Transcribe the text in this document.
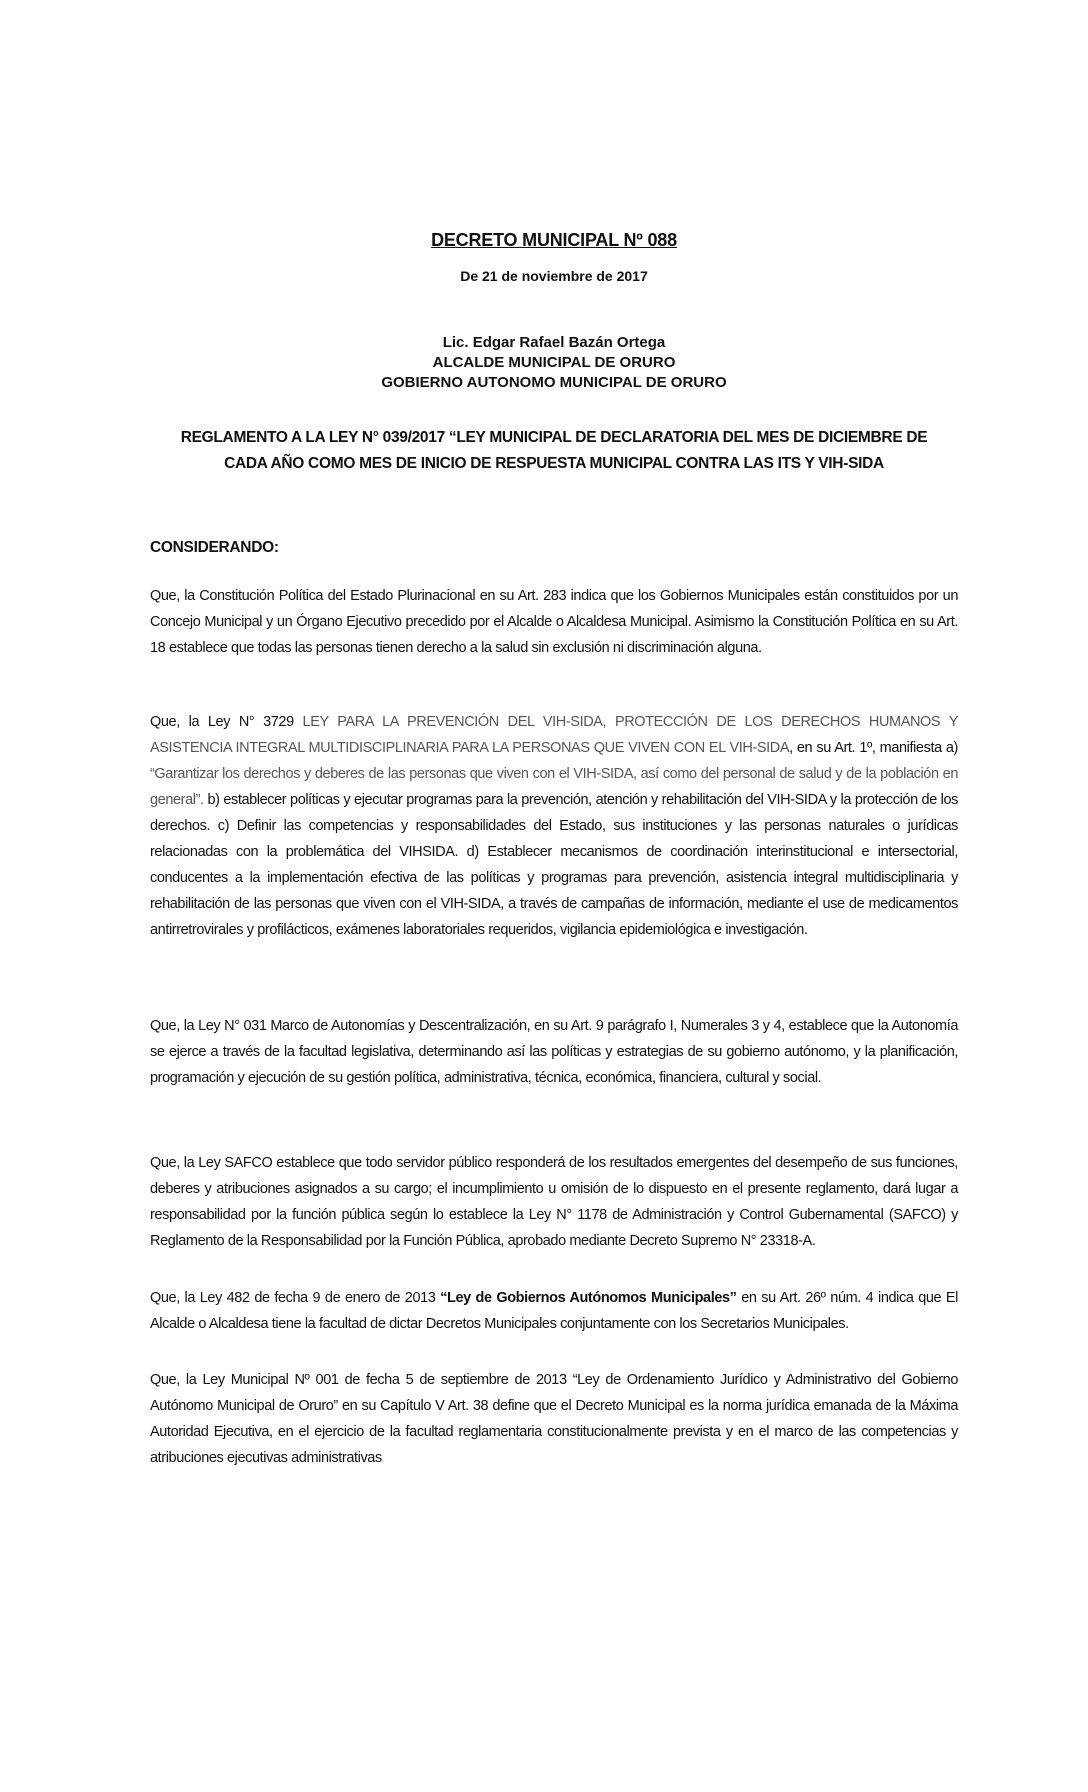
DECRETO MUNICIPAL Nº 088
De 21 de noviembre de 2017
Lic. Edgar Rafael Bazán Ortega
ALCALDE MUNICIPAL DE ORURO
GOBIERNO AUTONOMO MUNICIPAL DE ORURO
REGLAMENTO A LA LEY N° 039/2017 “LEY MUNICIPAL DE DECLARATORIA DEL MES DE DICIEMBRE DE
CADA AÑO COMO MES DE INICIO DE RESPUESTA MUNICIPAL CONTRA LAS ITS Y VIH-SIDA
CONSIDERANDO:

Que, la Constitución Política del Estado Plurinacional en su Art. 283 indica que los Gobiernos Municipales están constituidos por un Concejo Municipal y un Órgano Ejecutivo precedido por el Alcalde o Alcaldesa Municipal. Asimismo la Constitución Política en su Art. 18 establece que todas las personas tienen derecho a la salud sin exclusión ni discriminación alguna.

Que, la Ley N° 3729 LEY PARA LA PREVENCIÓN DEL VIH-SIDA, PROTECCIÓN DE LOS DERECHOS HUMANOS Y ASISTENCIA INTEGRAL MULTIDISCIPLINARIA PARA LA PERSONAS QUE VIVEN CON EL VIH-SIDA, en su Art. 1º, manifiesta a) “Garantizar los derechos y deberes de las personas que viven con el VIH-SIDA, así como del personal de salud y de la población en general”. b) establecer políticas y ejecutar programas para la prevención, atención y rehabilitación del VIH-SIDA y la protección de los derechos. c) Definir las competencias y responsabilidades del Estado, sus instituciones y las personas naturales o jurídicas relacionadas con la problemática del VIHSIDA. d) Establecer mecanismos de coordinación interinstitucional e intersectorial, conducentes a la implementación efectiva de las políticas y programas para prevención, asistencia integral multidisciplinaria y rehabilitación de las personas que viven con el VIH-SIDA, a través de campañas de información, mediante el use de medicamentos antirretrovirales y profilácticos, exámenes laboratoriales requeridos, vigilancia epidemiológica e investigación.

Que, la Ley N° 031 Marco de Autonomías y Descentralización, en su Art. 9 parágrafo I, Numerales 3 y 4, establece que la Autonomía se ejerce a través de la facultad legislativa, determinando así las políticas y estrategias de su gobierno autónomo, y la planificación, programación y ejecución de su gestión política, administrativa, técnica, económica, financiera, cultural y social.

Que, la Ley SAFCO establece que todo servidor público responderá de los resultados emergentes del desempeño de sus funciones, deberes y atribuciones asignados a su cargo; el incumplimiento u omisión de lo dispuesto en el presente reglamento, dará lugar a responsabilidad por la función pública según lo establece la Ley N° 1178 de Administración y Control Gubernamental (SAFCO) y Reglamento de la Responsabilidad por la Función Pública, aprobado mediante Decreto Supremo N° 23318-A.

Que, la Ley 482 de fecha 9 de enero de 2013 “Ley de Gobiernos Autónomos Municipales” en su Art. 26º núm. 4 indica que El Alcalde o Alcaldesa tiene la facultad de dictar Decretos Municipales conjuntamente con los Secretarios Municipales.

Que, la Ley Municipal Nº 001 de fecha 5 de septiembre de 2013 “Ley de Ordenamiento Jurídico y Administrativo del Gobierno Autónomo Municipal de Oruro” en su Capítulo V Art. 38 define que el Decreto Municipal es la norma jurídica emanada de la Máxima Autoridad Ejecutiva, en el ejercicio de la facultad reglamentaria constitucionalmente prevista y en el marco de las competencias y atribuciones ejecutivas administrativas
